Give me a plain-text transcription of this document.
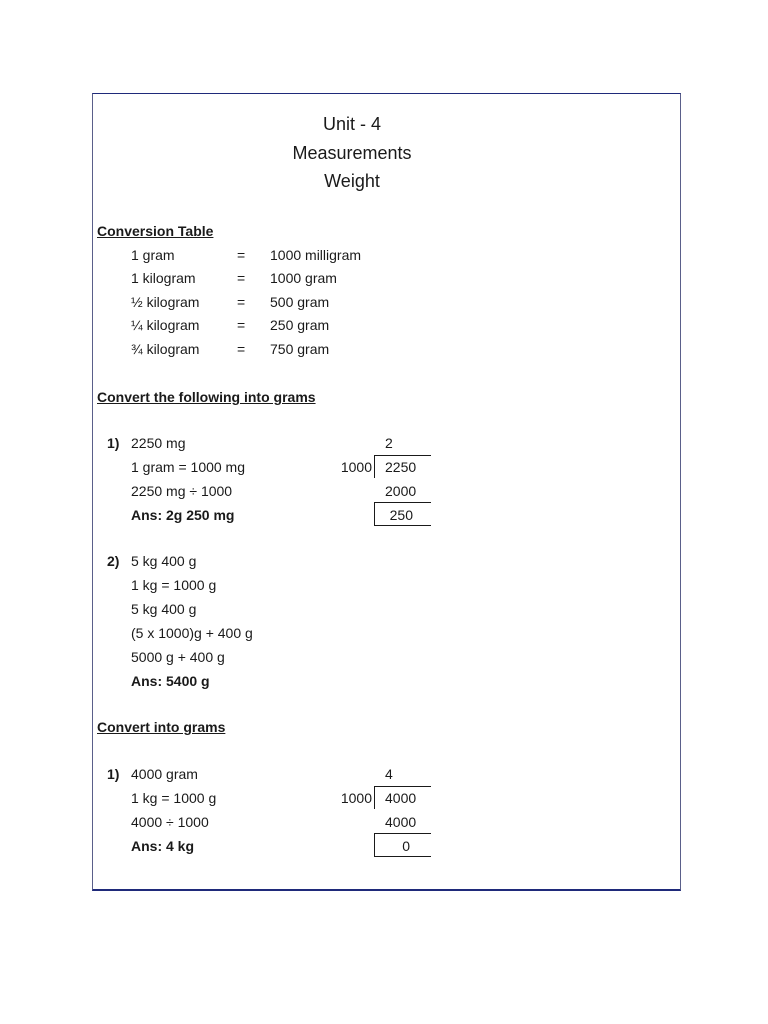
Unit - 4
Measurements
Weight
Conversion Table
1 gram	= 1000 milligram
1 kilogram	= 1000 gram
½ kilogram	= 500 gram
¼ kilogram	= 250 gram
¾ kilogram	= 750 gram
Convert the following into grams
1) 2250 mg
1 gram = 1000 mg
2250 mg ÷ 1000
Ans: 2g 250 mg
2
1000 2250
2000
250
2) 5 kg 400 g
1 kg = 1000 g
5 kg 400 g
(5 x 1000)g + 400 g
5000 g + 400 g
Ans: 5400 g
Convert into grams
1) 4000 gram
1 kg = 1000 g
4000 ÷ 1000
Ans: 4 kg
4
1000 4000
4000
0
